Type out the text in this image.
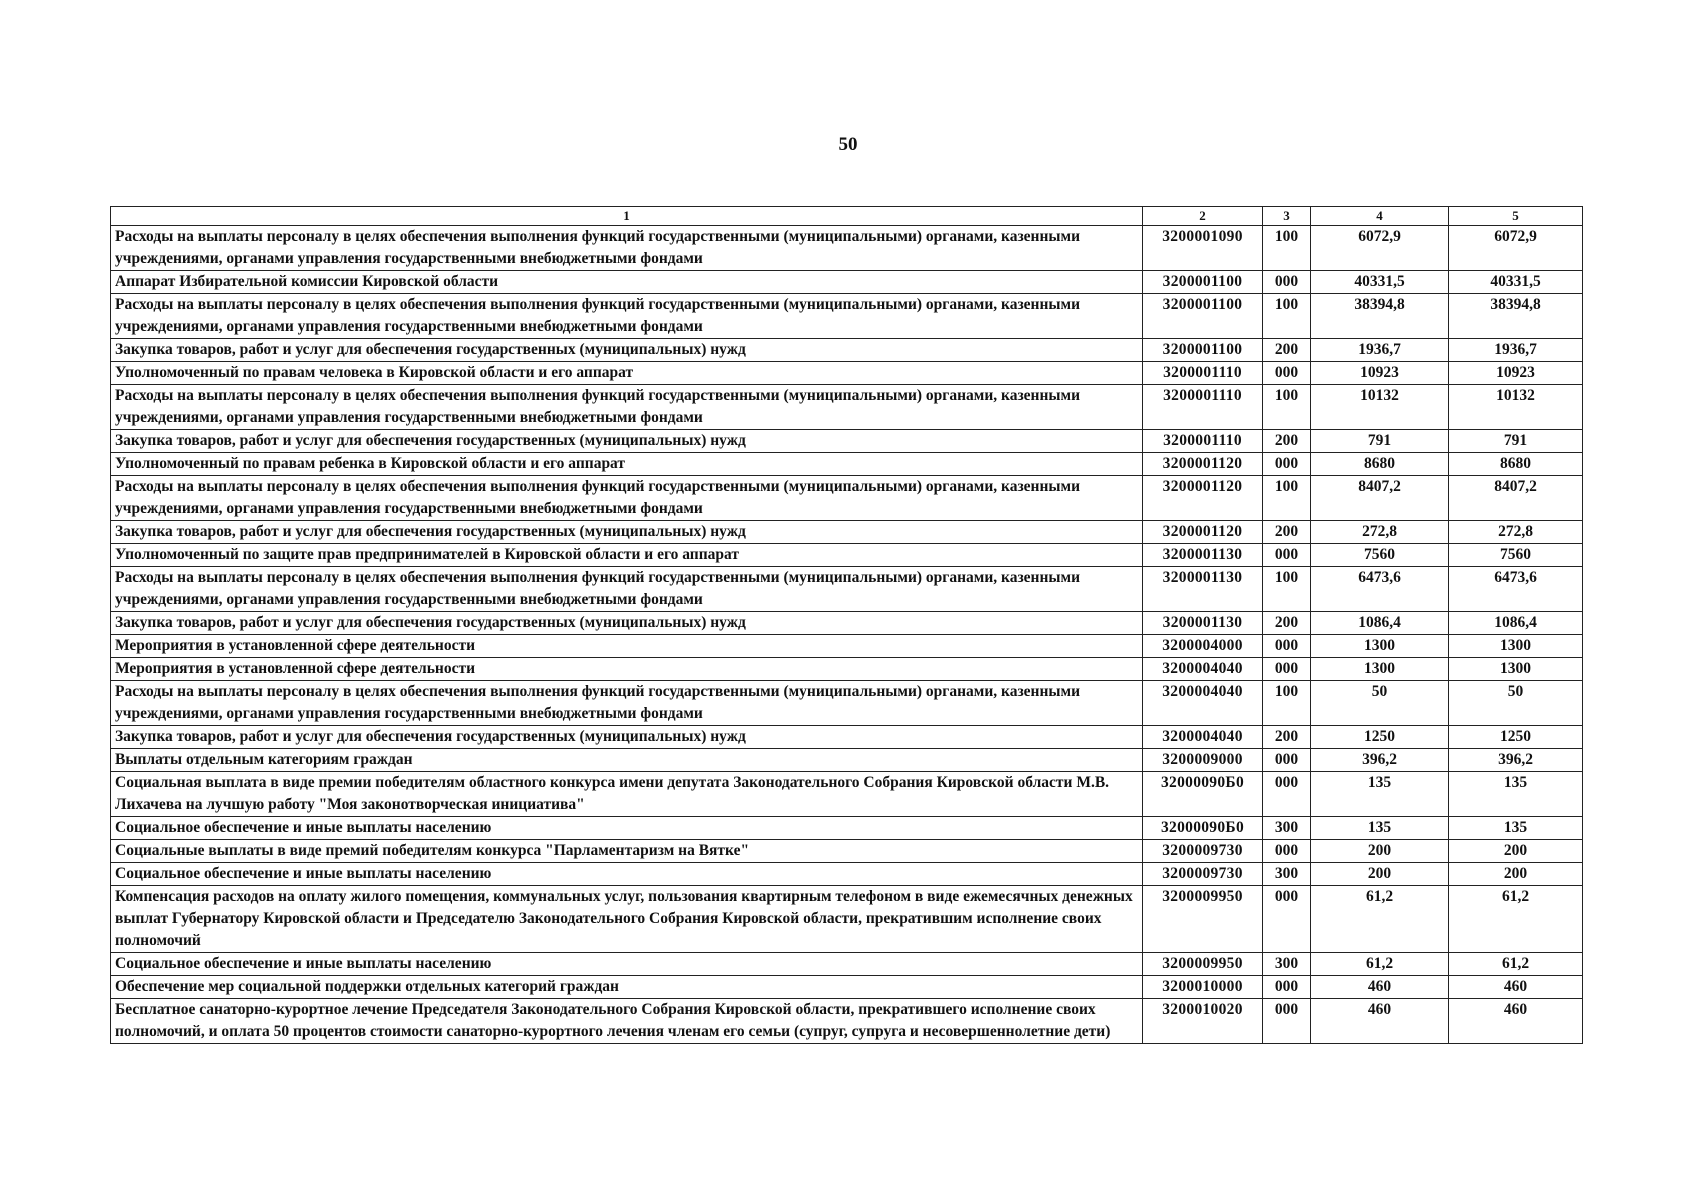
50
1	2	3	4	5
Расходы на выплаты персоналу в целях обеспечения выполнения функций государственными (муниципальными) органами, казенными учреждениями, органами управления государственными внебюджетными фондами	3200001090	100	6072,9	6072,9
Аппарат Избирательной комиссии Кировской области	3200001100	000	40331,5	40331,5
Расходы на выплаты персоналу в целях обеспечения выполнения функций государственными (муниципальными) органами, казенными учреждениями, органами управления государственными внебюджетными фондами	3200001100	100	38394,8	38394,8
Закупка товаров, работ и услуг для обеспечения государственных (муниципальных) нужд	3200001100	200	1936,7	1936,7
Уполномоченный по правам человека в Кировской области и его аппарат	3200001110	000	10923	10923
Расходы на выплаты персоналу в целях обеспечения выполнения функций государственными (муниципальными) органами, казенными учреждениями, органами управления государственными внебюджетными фондами	3200001110	100	10132	10132
Закупка товаров, работ и услуг для обеспечения государственных (муниципальных) нужд	3200001110	200	791	791
Уполномоченный по правам ребенка в Кировской области и его аппарат	3200001120	000	8680	8680
Расходы на выплаты персоналу в целях обеспечения выполнения функций государственными (муниципальными) органами, казенными учреждениями, органами управления государственными внебюджетными фондами	3200001120	100	8407,2	8407,2
Закупка товаров, работ и услуг для обеспечения государственных (муниципальных) нужд	3200001120	200	272,8	272,8
Уполномоченный по защите прав предпринимателей в Кировской области и его аппарат	3200001130	000	7560	7560
Расходы на выплаты персоналу в целях обеспечения выполнения функций государственными (муниципальными) органами, казенными учреждениями, органами управления государственными внебюджетными фондами	3200001130	100	6473,6	6473,6
Закупка товаров, работ и услуг для обеспечения государственных (муниципальных) нужд	3200001130	200	1086,4	1086,4
Мероприятия в установленной сфере деятельности	3200004000	000	1300	1300
Мероприятия в установленной сфере деятельности	3200004040	000	1300	1300
Расходы на выплаты персоналу в целях обеспечения выполнения функций государственными (муниципальными) органами, казенными учреждениями, органами управления государственными внебюджетными фондами	3200004040	100	50	50
Закупка товаров, работ и услуг для обеспечения государственных (муниципальных) нужд	3200004040	200	1250	1250
Выплаты отдельным категориям граждан	3200009000	000	396,2	396,2
Социальная выплата в виде премии победителям областного конкурса имени депутата Законодательного Собрания Кировской области М.В. Лихачева на лучшую работу "Моя законотворческая инициатива"	32000090Б0	000	135	135
Социальное обеспечение и иные выплаты населению	32000090Б0	300	135	135
Социальные выплаты в виде премий победителям конкурса "Парламентаризм на Вятке"	3200009730	000	200	200
Социальное обеспечение и иные выплаты населению	3200009730	300	200	200
Компенсация расходов на оплату жилого помещения, коммунальных услуг, пользования квартирным телефоном в виде ежемесячных денежных выплат Губернатору Кировской области и Председателю Законодательного Собрания Кировской области, прекратившим исполнение своих полномочий	3200009950	000	61,2	61,2
Социальное обеспечение и иные выплаты населению	3200009950	300	61,2	61,2
Обеспечение мер социальной поддержки отдельных категорий граждан	3200010000	000	460	460
Бесплатное санаторно-курортное лечение Председателя Законодательного Собрания Кировской области, прекратившего исполнение своих полномочий, и оплата 50 процентов стоимости санаторно-курортного лечения членам его семьи (супруг, супруга и несовершеннолетние дети)	3200010020	000	460	460
